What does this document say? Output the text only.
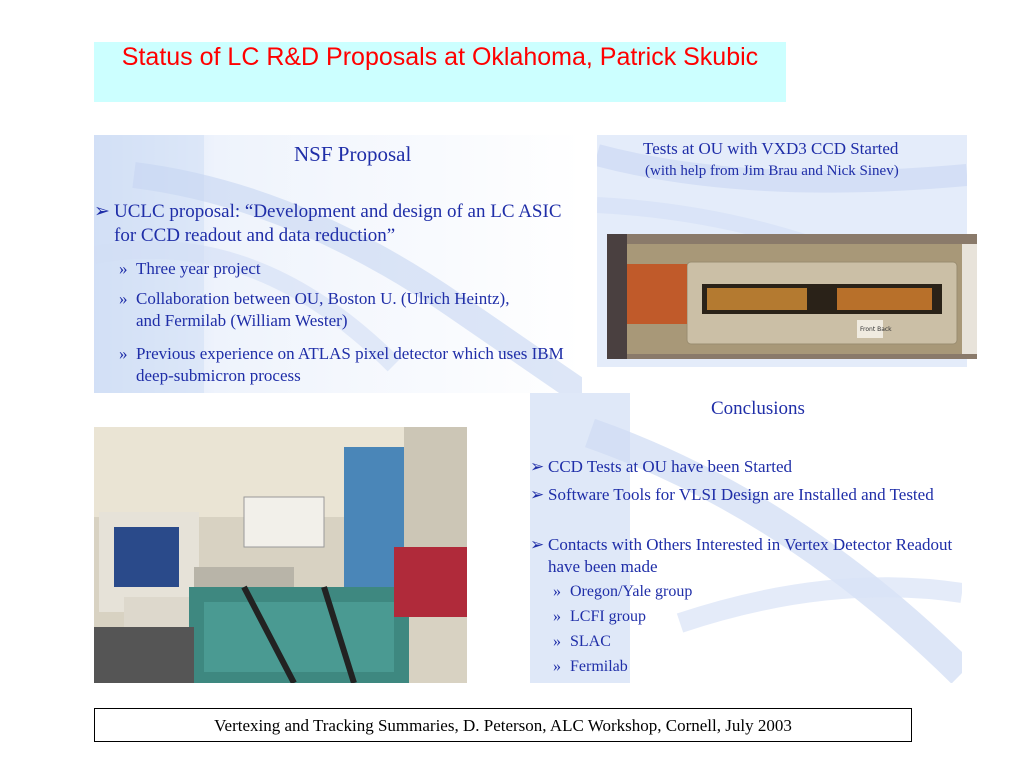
Status of LC R&D Proposals at Oklahoma, Patrick Skubic
NSF Proposal
➢ UCLC proposal: “Development and design of an LC ASIC for CCD readout and data reduction”
» Three year project
» Collaboration between OU, Boston U. (Ulrich Heintz), and Fermilab (William Wester)
» Previous experience on ATLAS pixel detector which uses IBM deep-submicron process
Tests at OU with VXD3 CCD Started
(with help from Jim Brau and Nick Sinev)
Front Back
Conclusions
➢ CCD Tests at OU have been Started
➢ Software Tools for VLSI Design are Installed and Tested
➢ Contacts with Others Interested in Vertex Detector Readout have been made
» Oregon/Yale group
» LCFI group
» SLAC
» Fermilab
Vertexing and Tracking Summaries, D. Peterson, ALC Workshop, Cornell, July 2003
